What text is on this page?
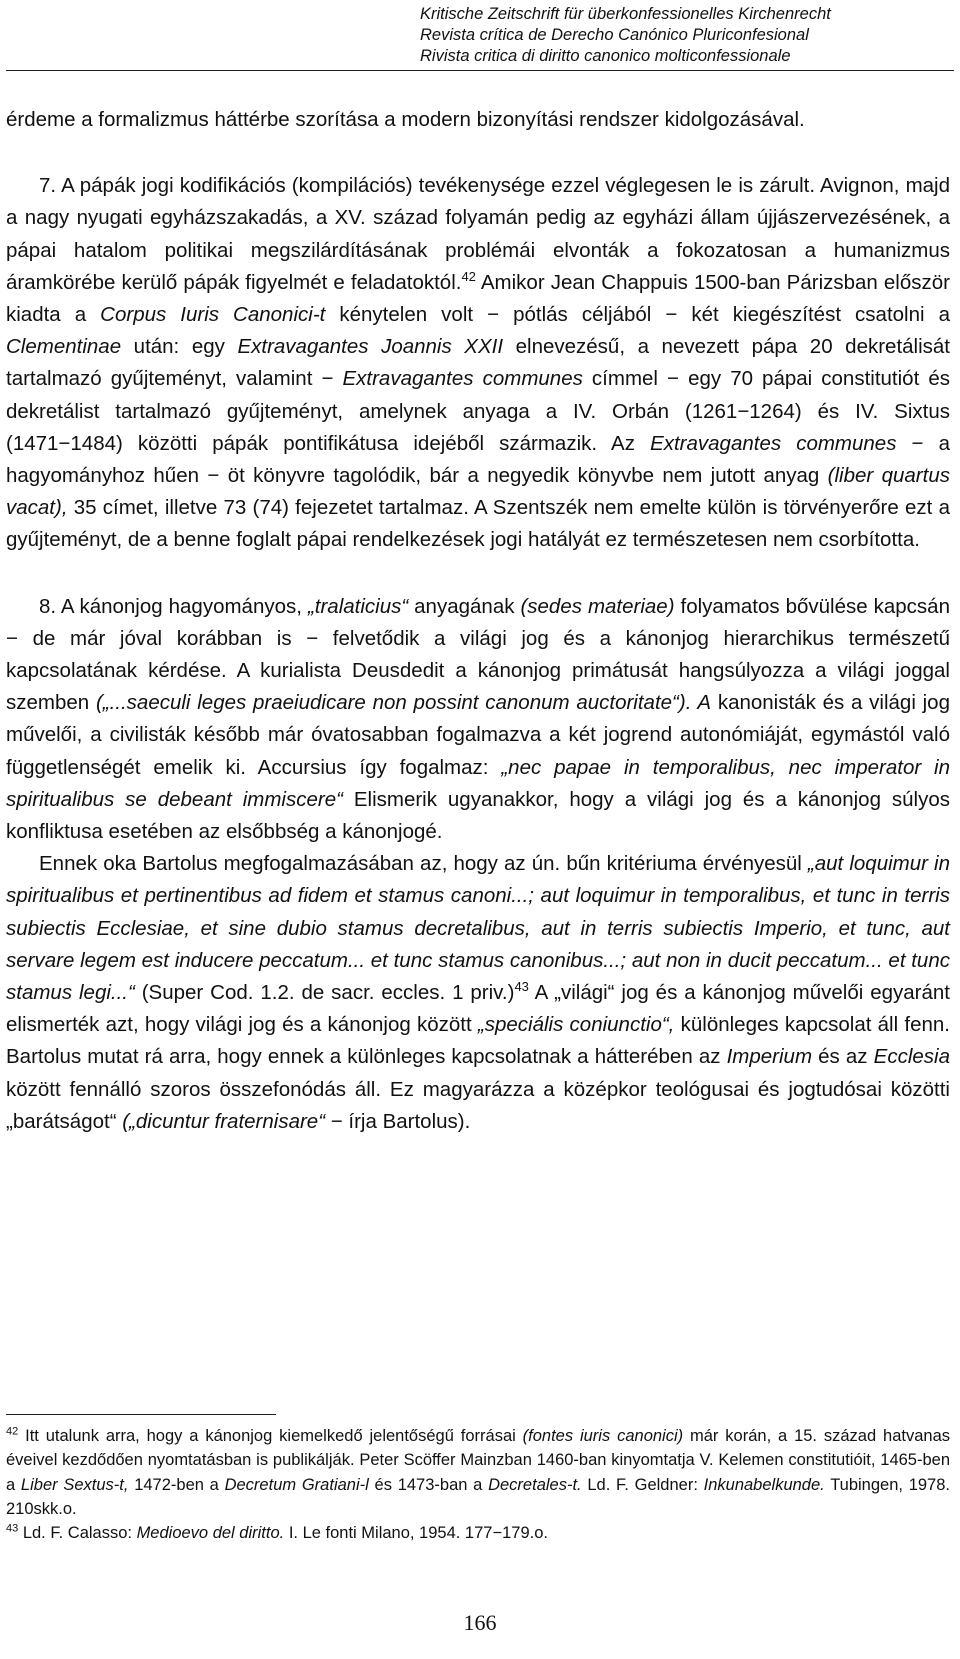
Kritische Zeitschrift für überkonfessionelles Kirchenrecht
Revista crítica de Derecho Canónico Pluriconfesional
Rivista critica di diritto canonico molticonfessionale

érdeme a formalizmus háttérbe szorítása a modern bizonyítási rendszer kidolgozásával.

7. A pápák jogi kodifikációs (kompilációs) tevékenysége ezzel véglegesen le is zárult. Avignon, majd a nagy nyugati egyházszakadás, a XV. század folyamán pedig az egyházi állam újjászervezésének, a pápai hatalom politikai megszilárdításának problémái elvonták a fokozatosan a humanizmus áramkörébe kerülő pápák figyelmét e feladatoktól.$^{42}$ Amikor Jean Chappuis 1500-ban Párizsban először kiadta a Corpus Iuris Canonici-t kénytelen volt − pótlás céljából − két kiegészítést csatolni a Clementinae után: egy Extravagantes Joannis XXII elnevezésű, a nevezett pápa 20 dekretálisát tartalmazó gyűjteményt, valamint − Extravagantes communes címmel − egy 70 pápai constitutiót és dekretálist tartalmazó gyűjteményt, amelynek anyaga a IV. Orbán (1261−1264) és IV. Sixtus (1471−1484) közötti pápák pontifikátusa idejéből származik. Az Extravagantes communes − a hagyományhoz hűen − öt könyvre tagolódik, bár a negyedik könyvbe nem jutott anyag (liber quartus vacat), 35 címet, illetve 73 (74) fejezetet tartalmaz. A Szentszék nem emelte külön is törvényerőre ezt a gyűjteményt, de a benne foglalt pápai rendelkezések jogi hatályát ez természetesen nem csorbította.

8. A kánonjog hagyományos, „tralaticius“ anyagának (sedes materiae) folyamatos bővülése kapcsán − de már jóval korábban is − felvetődik a világi jog és a kánonjog hierarchikus természetű kapcsolatának kérdése. A kurialista Deusdedit a kánonjog primátusát hangsúlyozza a világi joggal szemben („...saeculi leges praeiudicare non possint canonum auctoritate“). A kanonisták és a világi jog művelői, a civilisták később már óvatosabban fogalmazva a két jogrend autonómiáját, egymástól való függetlenségét emelik ki. Accursius így fogalmaz: „nec papae in temporalibus, nec imperator in spiritualibus se debeant immiscere“ Elismerik ugyanakkor, hogy a világi jog és a kánonjog súlyos konfliktusa esetében az elsőbbség a kánonjogé.

Ennek oka Bartolus megfogalmazásában az, hogy az ún. bűn kritériuma érvényesül „aut loquimur in spiritualibus et pertinentibus ad fidem et stamus canoni...; aut loquimur in temporalibus, et tunc in terris subiectis Ecclesiae, et sine dubio stamus decretalibus, aut in terris subiectis Imperio, et tunc, aut servare legem est inducere peccatum... et tunc stamus canonibus...; aut non in ducit peccatum... et tunc stamus legi...“ (Super Cod. 1.2. de sacr. eccles. 1 priv.)$^{43}$ A „világi“ jog és a kánonjog művelői egyaránt elismerték azt, hogy világi jog és a kánonjog között „speciális coniunctio“, különleges kapcsolat áll fenn. Bartolus mutat rá arra, hogy ennek a különleges kapcsolatnak a hátterében az Imperium és az Ecclesia között fennálló szoros összefonódás áll. Ez magyarázza a középkor teológusai és jogtudósai közötti „barátságot“ („dicuntur fraternisare“ − írja Bartolus).

$^{42}$ Itt utalunk arra, hogy a kánonjog kiemelkedő jelentőségű forrásai (fontes iuris canonici) már korán, a 15. század hatvanas éveivel kezdődően nyomtatásban is publikálják. Peter Scöffer Mainzban 1460-ban kinyomtatja V. Kelemen constitutióit, 1465-ben a Liber Sextus-t, 1472-ben a Decretum Gratiani-l és 1473-ban a Decretales-t. Ld. F. Geldner: Inkunabelkunde. Tubingen, 1978. 210skk.o.

$^{43}$ Ld. F. Calasso: Medioevo del diritto. I. Le fonti Milano, 1954. 177−179.o.

166
